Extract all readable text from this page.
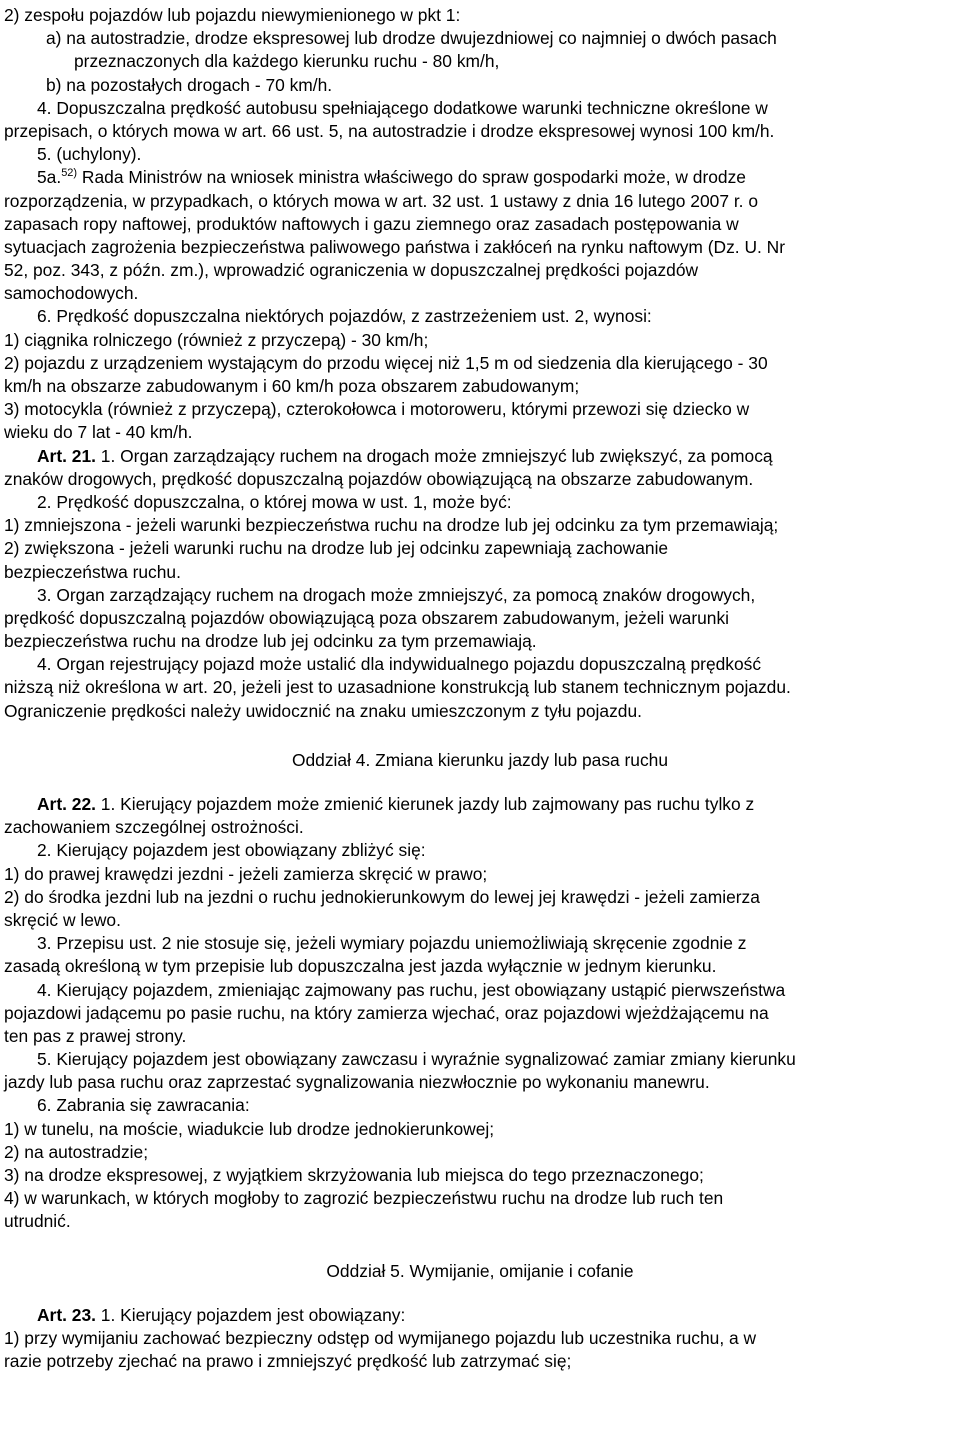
2) zespołu pojazdów lub pojazdu niewymienionego w pkt 1:
a) na autostradzie, drodze ekspresowej lub drodze dwujezdniowej co najmniej o dwóch pasach
przeznaczonych dla każdego kierunku ruchu - 80 km/h,
b) na pozostałych drogach - 70 km/h.
4. Dopuszczalna prędkość autobusu spełniającego dodatkowe warunki techniczne określone w
przepisach, o których mowa w art. 66 ust. 5, na autostradzie i drodze ekspresowej wynosi 100 km/h.
5. (uchylony).
5a.$^{52)}$ Rada Ministrów na wniosek ministra właściwego do spraw gospodarki może, w drodze
rozporządzenia, w przypadkach, o których mowa w art. 32 ust. 1 ustawy z dnia 16 lutego 2007 r. o
zapasach ropy naftowej, produktów naftowych i gazu ziemnego oraz zasadach postępowania w
sytuacjach zagrożenia bezpieczeństwa paliwowego państwa i zakłóceń na rynku naftowym (Dz. U. Nr
52, poz. 343, z późn. zm.), wprowadzić ograniczenia w dopuszczalnej prędkości pojazdów
samochodowych.
6. Prędkość dopuszczalna niektórych pojazdów, z zastrzeżeniem ust. 2, wynosi:
1) ciągnika rolniczego (również z przyczepą) - 30 km/h;
2) pojazdu z urządzeniem wystającym do przodu więcej niż 1,5 m od siedzenia dla kierującego - 30
km/h na obszarze zabudowanym i 60 km/h poza obszarem zabudowanym;
3) motocykla (również z przyczepą), czterokołowca i motoroweru, którymi przewozi się dziecko w
wieku do 7 lat - 40 km/h.
Art. 21. 1. Organ zarządzający ruchem na drogach może zmniejszyć lub zwiększyć, za pomocą
znaków drogowych, prędkość dopuszczalną pojazdów obowiązującą na obszarze zabudowanym.
2. Prędkość dopuszczalna, o której mowa w ust. 1, może być:
1) zmniejszona - jeżeli warunki bezpieczeństwa ruchu na drodze lub jej odcinku za tym przemawiają;
2) zwiększona - jeżeli warunki ruchu na drodze lub jej odcinku zapewniają zachowanie
bezpieczeństwa ruchu.
3. Organ zarządzający ruchem na drogach może zmniejszyć, za pomocą znaków drogowych,
prędkość dopuszczalną pojazdów obowiązującą poza obszarem zabudowanym, jeżeli warunki
bezpieczeństwa ruchu na drodze lub jej odcinku za tym przemawiają.
4. Organ rejestrujący pojazd może ustalić dla indywidualnego pojazdu dopuszczalną prędkość
niższą niż określona w art. 20, jeżeli jest to uzasadnione konstrukcją lub stanem technicznym pojazdu.
Ograniczenie prędkości należy uwidocznić na znaku umieszczonym z tyłu pojazdu.
Oddział 4. Zmiana kierunku jazdy lub pasa ruchu
Art. 22. 1. Kierujący pojazdem może zmienić kierunek jazdy lub zajmowany pas ruchu tylko z
zachowaniem szczególnej ostrożności.
2. Kierujący pojazdem jest obowiązany zbliżyć się:
1) do prawej krawędzi jezdni - jeżeli zamierza skręcić w prawo;
2) do środka jezdni lub na jezdni o ruchu jednokierunkowym do lewej jej krawędzi - jeżeli zamierza
skręcić w lewo.
3. Przepisu ust. 2 nie stosuje się, jeżeli wymiary pojazdu uniemożliwiają skręcenie zgodnie z
zasadą określoną w tym przepisie lub dopuszczalna jest jazda wyłącznie w jednym kierunku.
4. Kierujący pojazdem, zmieniając zajmowany pas ruchu, jest obowiązany ustąpić pierwszeństwa
pojazdowi jadącemu po pasie ruchu, na który zamierza wjechać, oraz pojazdowi wjeżdżającemu na
ten pas z prawej strony.
5. Kierujący pojazdem jest obowiązany zawczasu i wyraźnie sygnalizować zamiar zmiany kierunku
jazdy lub pasa ruchu oraz zaprzestać sygnalizowania niezwłocznie po wykonaniu manewru.
6. Zabrania się zawracania:
1) w tunelu, na moście, wiadukcie lub drodze jednokierunkowej;
2) na autostradzie;
3) na drodze ekspresowej, z wyjątkiem skrzyżowania lub miejsca do tego przeznaczonego;
4) w warunkach, w których mogłoby to zagrozić bezpieczeństwu ruchu na drodze lub ruch ten
utrudnić.
Oddział 5. Wymijanie, omijanie i cofanie
Art. 23. 1. Kierujący pojazdem jest obowiązany:
1) przy wymijaniu zachować bezpieczny odstęp od wymijanego pojazdu lub uczestnika ruchu, a w
razie potrzeby zjechać na prawo i zmniejszyć prędkość lub zatrzymać się;
